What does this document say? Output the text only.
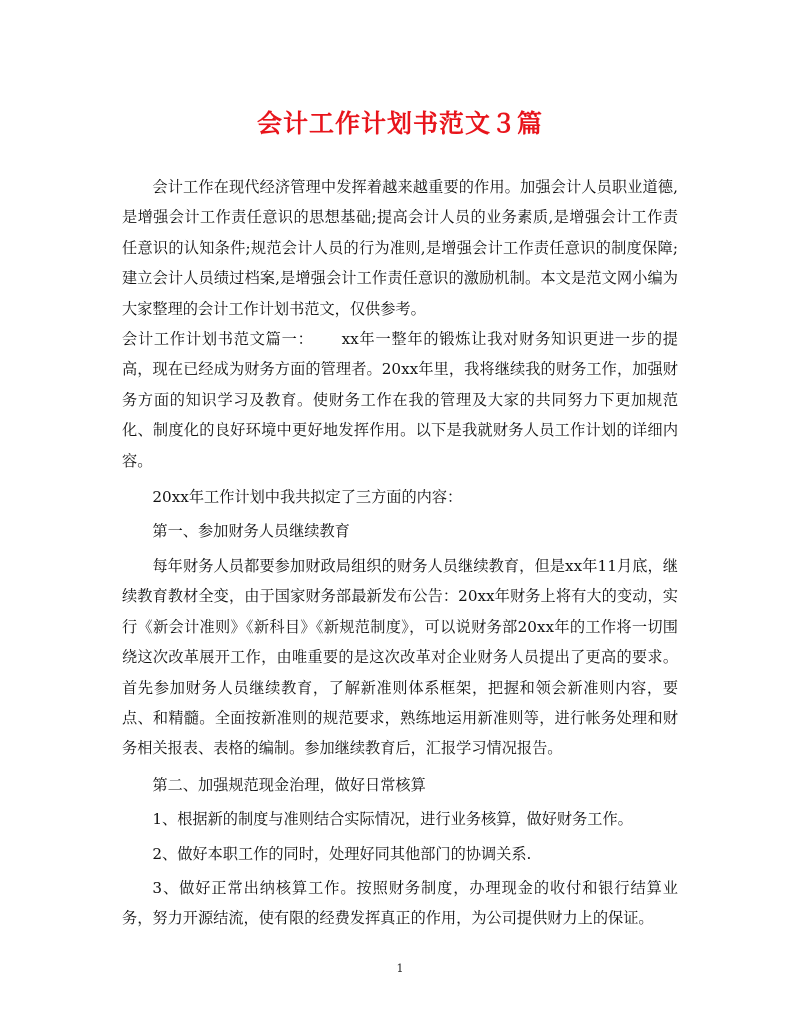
会计工作计划书范文３篇

会计工作在现代经济管理中发挥着越来越重要的作用。加强会计人员职业道德,是增强会计工作责任意识的思想基础;提高会计人员的业务素质,是增强会计工作责任意识的认知条件;规范会计人员的行为准则,是增强会计工作责任意识的制度保障;建立会计人员绩过档案,是增强会计工作责任意识的激励机制。本文是范文网小编为大家整理的会计工作计划书范文，仅供参考。

会计工作计划书范文篇一： xx年一整年的锻炼让我对财务知识更进一步的提高，现在已经成为财务方面的管理者。20xx年里，我将继续我的财务工作，加强财务方面的知识学习及教育。使财务工作在我的管理及大家的共同努力下更加规范化、制度化的良好环境中更好地发挥作用。以下是我就财务人员工作计划的详细内容。

20xx年工作计划中我共拟定了三方面的内容：

第一、参加财务人员继续教育

每年财务人员都要参加财政局组织的财务人员继续教育，但是xx年11月底，继续教育教材全变，由于国家财务部最新发布公告：20xx年财务上将有大的变动，实行《新会计准则》《新科目》《新规范制度》，可以说财务部20xx年的工作将一切围绕这次改革展开工作，由唯重要的是这次改革对企业财务人员提出了更高的要求。首先参加财务人员继续教育，了解新准则体系框架，把握和领会新准则内容，要点、和精髓。全面按新准则的规范要求，熟练地运用新准则等，进行帐务处理和财务相关报表、表格的编制。参加继续教育后，汇报学习情况报告。

第二、加强规范现金治理，做好日常核算

1、根据新的制度与准则结合实际情况，进行业务核算，做好财务工作。

2、做好本职工作的同时，处理好同其他部门的协调关系.

3、做好正常出纳核算工作。按照财务制度，办理现金的收付和银行结算业务，努力开源结流，使有限的经费发挥真正的作用，为公司提供财力上的保证。

1
